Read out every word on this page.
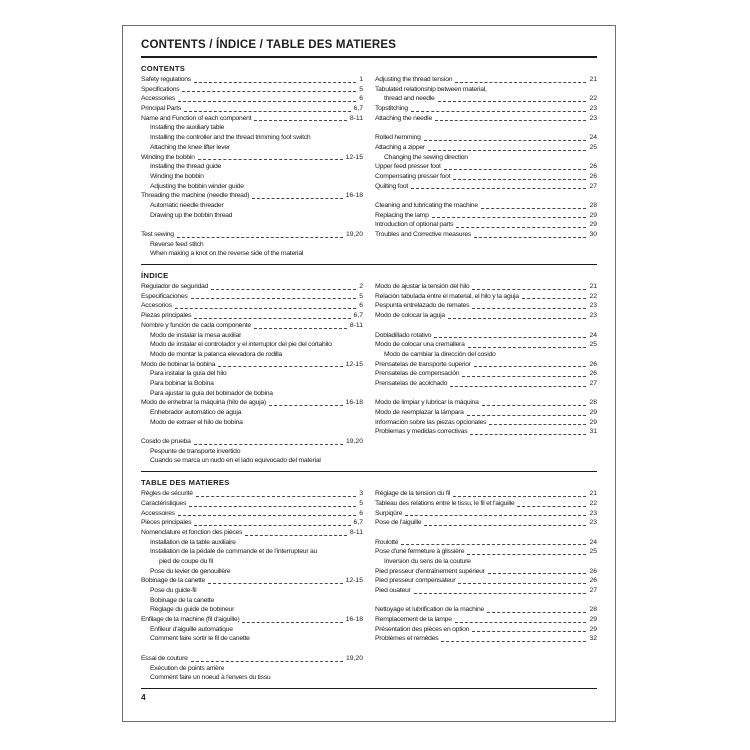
CONTENTS / ÍNDICE / TABLE DES MATIERES
CONTENTS
Safety regulations	1
Specifications	5
Accessories	6
Principal Parts	6,7
Name and Function of each component	8-11
Installing the auxiliary table
Installing the controller and the thread trimming foot switch
Attaching the knee lifter lever
Winding the bobbin	12-15
Installing the thread guide
Winding the bobbin
Adjusting the bobbin winder guide
Threading the machine (needle thread)	16-18
Automatic needle threader
Drawing up the bobbin thread
Test sewing	19,20
Reverse feed stitch
When making a knot on the reverse side of the material
Adjusting the thread tension	21
Tabulated relationship between material,
thread and needle	22
Topstitching	23
Attaching the needle	23
Rolled hemming	24
Attaching a zipper	25
Changing the sewing direction
Upper feed presser foot	26
Compensating presser foot	26
Quilting foot	27
Cleaning and lubricating the machine	28
Replacing the lamp	29
Introduction of optional parts	29
Troubles and Corrective measures	30
ÍNDICE
Regulador de seguridad	2
Especificaciones	5
Accesorios	6
Piezas principales	6,7
Nombre y función de cada componente	8-11
Modo de instalar la mesa auxiliar
Modo de instalar el controlador y el interruptor del pie del cortahilo
Modo de montar la palanca elevadora de rodilla
Modo de bobinar la bobina	12-15
Para instalar la guía del hilo
Para bobinar la Bobina
Para ajustar la guía del bobinador de bobina
Modo de enhebrar la máquina (hilo de aguja)	16-18
Enhebrador automático de aguja
Modo de extraer el hilo de bobina
Cosido de prueba	19,20
Pespunte de transporte invertido
Cuando se marca un nudo en el lado equivocado del material
Modo de ajustar la tensión del hilo	21
Relación tabulada entre el material, el hilo y la aguja	22
Pespunta entrelazado de remates	23
Modo de colocar la aguja	23
Dobladillado rotativo	24
Modo de colocar una cremallera	25
Modo de cambiar la dirección del cosido
Prensatelas de transporte superior	26
Prensatelas de compensación	26
Prensatelas de acolchado	27
Modo de limpiar y lubricar la máquina	28
Modo de reemplazar la lámpara	29
Información sobre las piezas opcionales	29
Problemas y medidas correctivas	31
TABLE DES MATIERES
Règles de sécurité	3
Caractéristiques	5
Accessoires	6
Pièces principales	6,7
Nomenclature et fonction des pièces	8-11
Installation de la table auxiliaire
Installation de la pédale de commande et de l'interrupteur au
pied de coupe du fil
Pose du levier de genouillère
Bobinage de la canette	12-15
Pose du guide-fil
Bobinage de la canette
Réglage du guide de bobineur
Enfilage de la machine (fil d'aiguille)	16-18
Enfileur d'aiguille automatique
Comment faire sortir le fil de canette
Essai de couture	19,20
Exécution de points arrière
Comment faire un noeud à l'envers du tissu
Réglage de la tension du fil	21
Tableau des relations entre le tissu, le fil et l'aiguille	22
Surpiqûre	23
Pose de l'aiguille	23
Roulotté	24
Pose d'une fermeture à glissière	25
Inversion du sens de la couture
Pied presseur d'entraînement supérieur	26
Pied presseur compensateur	26
Pied ouateur	27
Nettoyage et lubrification de la machine	28
Remplacement de la lampe	29
Présentation des pièces en option	29
Problèmes et remèdes	32
4
